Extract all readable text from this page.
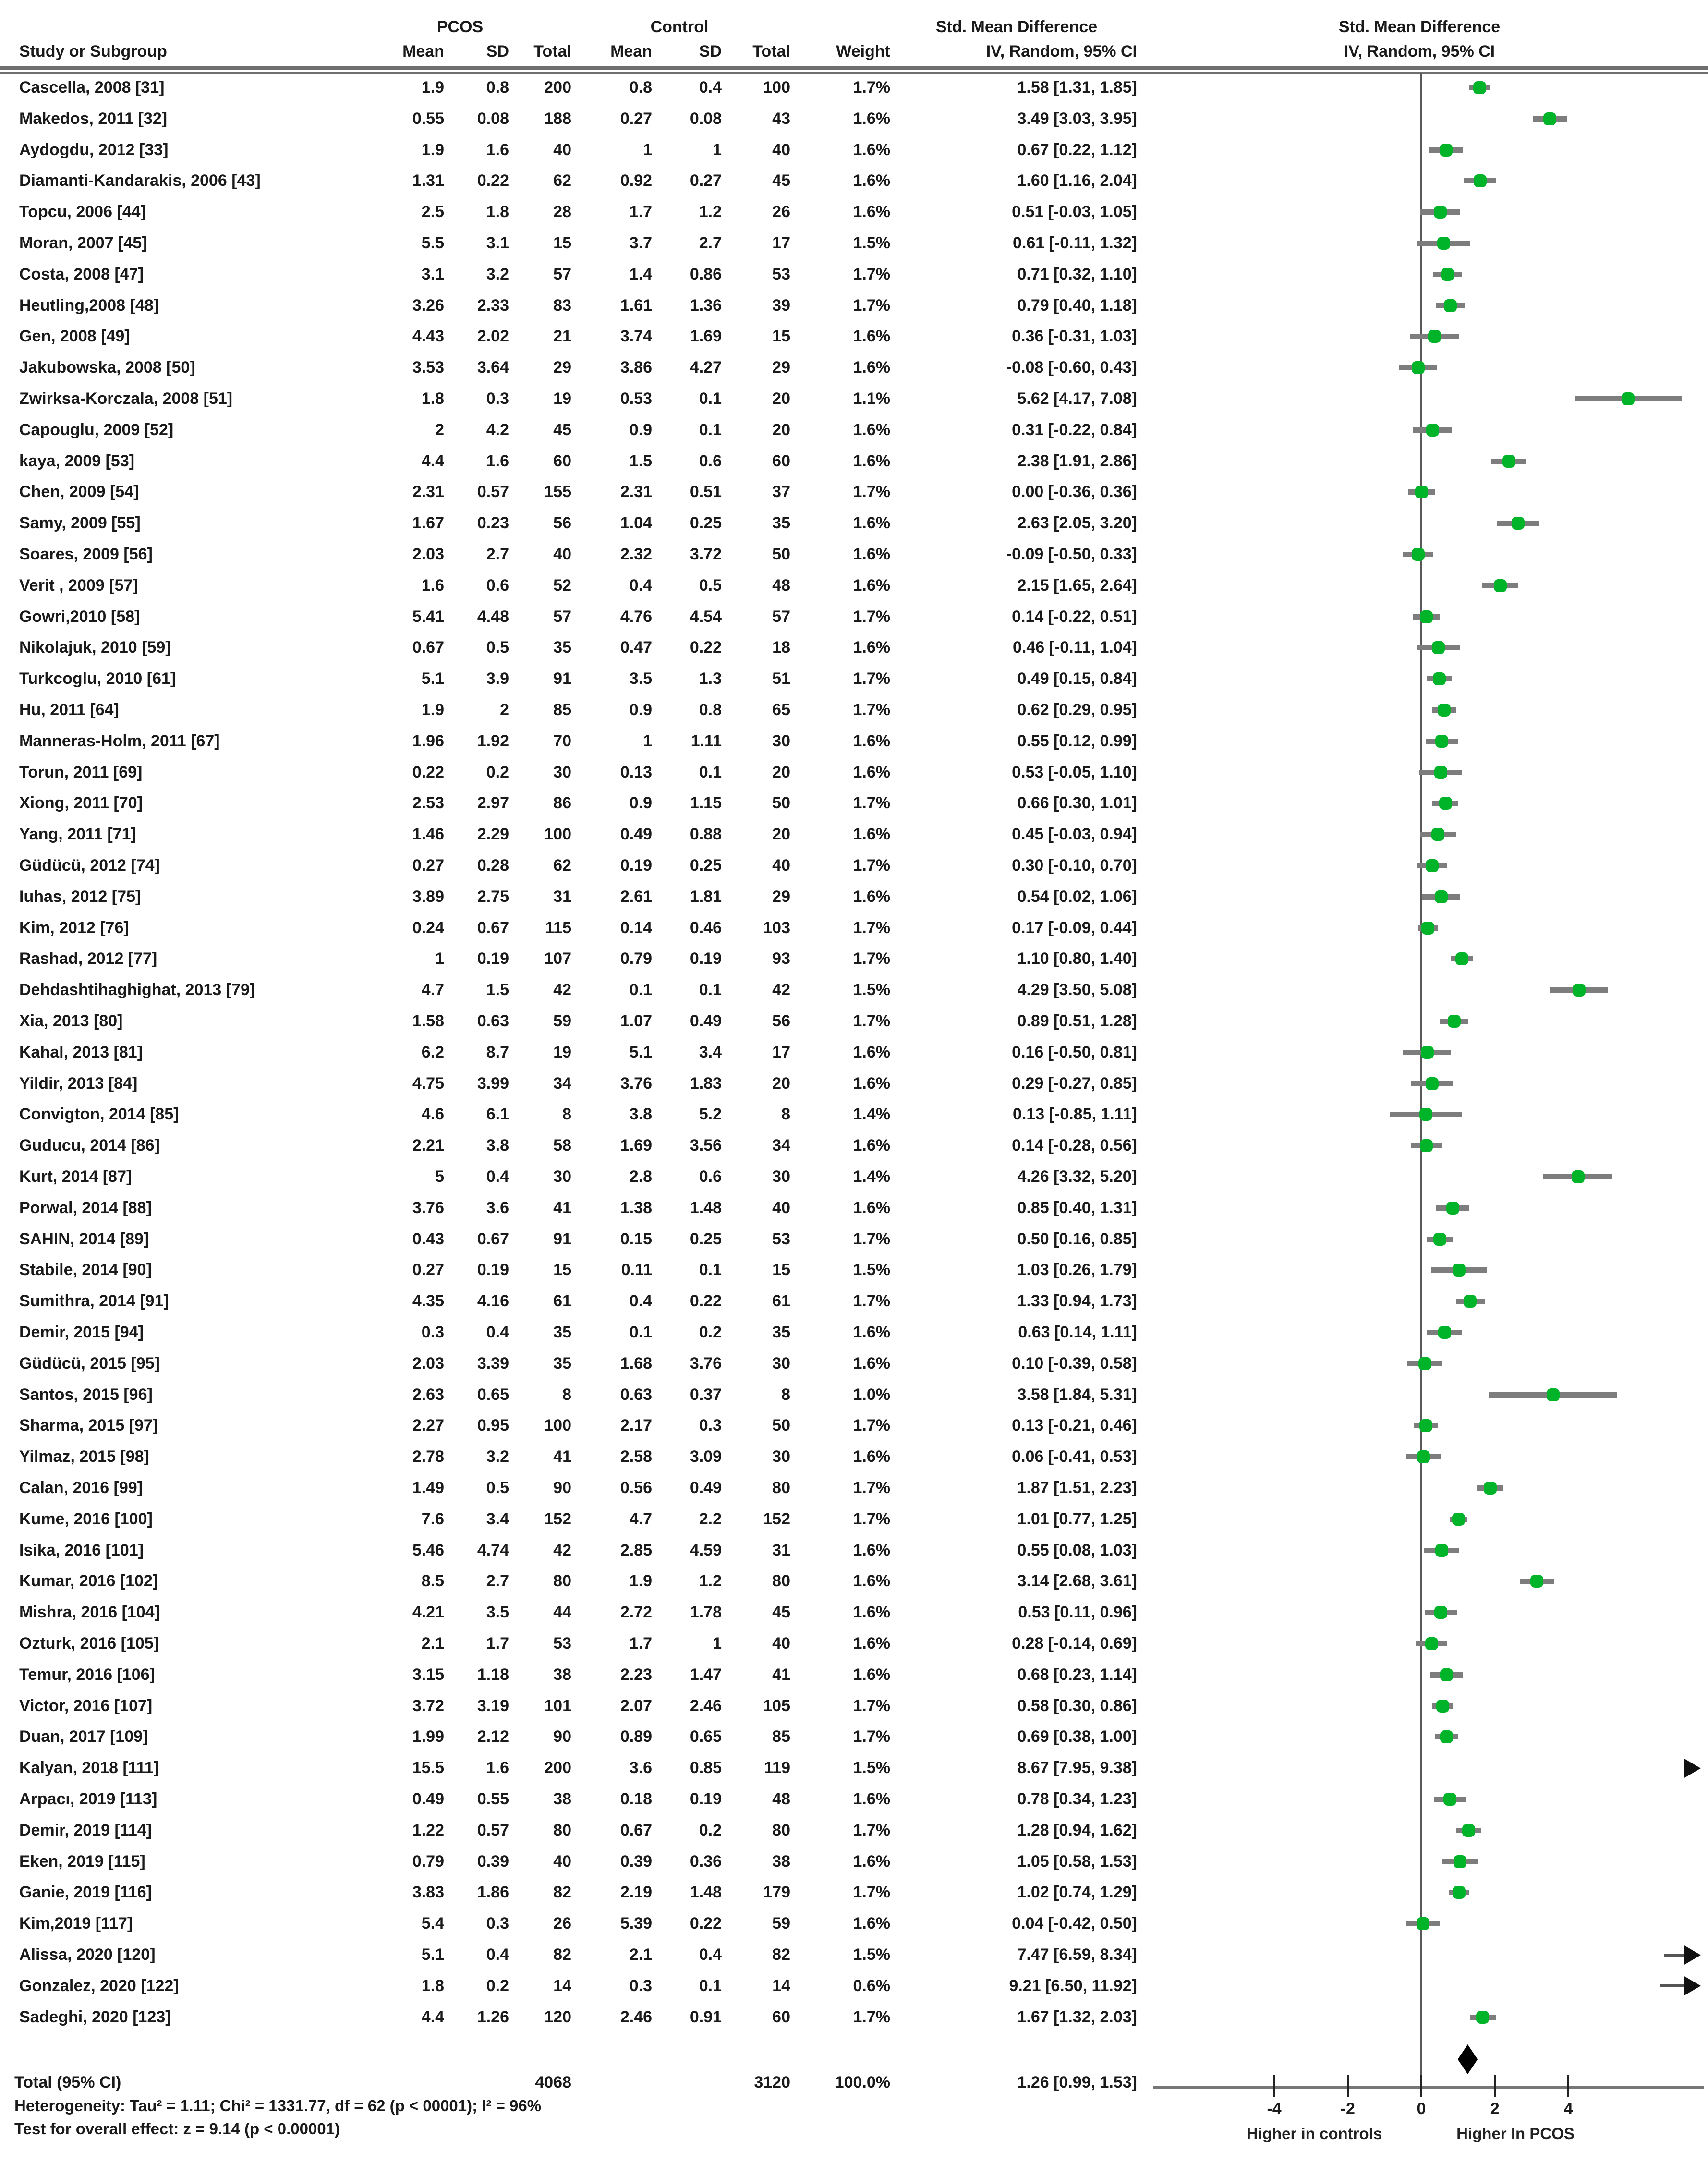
PCOS	Control	Std. Mean Difference	Std. Mean Difference
Study or Subgroup	Mean	SD	Total	Mean	SD	Total	Weight	IV, Random, 95% CI	IV, Random, 95% CI
Cascella, 2008 [31]	1.9	0.8	200	0.8	0.4	100	1.7%	1.58 [1.31, 1.85]
Makedos, 2011 [32]	0.55	0.08	188	0.27	0.08	43	1.6%	3.49 [3.03, 3.95]
Aydogdu, 2012 [33]	1.9	1.6	40	1	1	40	1.6%	0.67 [0.22, 1.12]
Diamanti-Kandarakis, 2006 [43]	1.31	0.22	62	0.92	0.27	45	1.6%	1.60 [1.16, 2.04]
Topcu, 2006 [44]	2.5	1.8	28	1.7	1.2	26	1.6%	0.51 [-0.03, 1.05]
Moran, 2007 [45]	5.5	3.1	15	3.7	2.7	17	1.5%	0.61 [-0.11, 1.32]
Costa, 2008 [47]	3.1	3.2	57	1.4	0.86	53	1.7%	0.71 [0.32, 1.10]
Heutling,2008 [48]	3.26	2.33	83	1.61	1.36	39	1.7%	0.79 [0.40, 1.18]
Gen, 2008 [49]	4.43	2.02	21	3.74	1.69	15	1.6%	0.36 [-0.31, 1.03]
Jakubowska, 2008 [50]	3.53	3.64	29	3.86	4.27	29	1.6%	-0.08 [-0.60, 0.43]
Zwirksa-Korczala, 2008 [51]	1.8	0.3	19	0.53	0.1	20	1.1%	5.62 [4.17, 7.08]
Capouglu, 2009 [52]	2	4.2	45	0.9	0.1	20	1.6%	0.31 [-0.22, 0.84]
kaya, 2009 [53]	4.4	1.6	60	1.5	0.6	60	1.6%	2.38 [1.91, 2.86]
Chen, 2009 [54]	2.31	0.57	155	2.31	0.51	37	1.7%	0.00 [-0.36, 0.36]
Samy, 2009 [55]	1.67	0.23	56	1.04	0.25	35	1.6%	2.63 [2.05, 3.20]
Soares, 2009 [56]	2.03	2.7	40	2.32	3.72	50	1.6%	-0.09 [-0.50, 0.33]
Verit , 2009 [57]	1.6	0.6	52	0.4	0.5	48	1.6%	2.15 [1.65, 2.64]
Gowri,2010 [58]	5.41	4.48	57	4.76	4.54	57	1.7%	0.14 [-0.22, 0.51]
Nikolajuk, 2010 [59]	0.67	0.5	35	0.47	0.22	18	1.6%	0.46 [-0.11, 1.04]
Turkcoglu, 2010 [61]	5.1	3.9	91	3.5	1.3	51	1.7%	0.49 [0.15, 0.84]
Hu, 2011 [64]	1.9	2	85	0.9	0.8	65	1.7%	0.62 [0.29, 0.95]
Manneras-Holm, 2011 [67]	1.96	1.92	70	1	1.11	30	1.6%	0.55 [0.12, 0.99]
Torun, 2011 [69]	0.22	0.2	30	0.13	0.1	20	1.6%	0.53 [-0.05, 1.10]
Xiong, 2011 [70]	2.53	2.97	86	0.9	1.15	50	1.7%	0.66 [0.30, 1.01]
Yang, 2011 [71]	1.46	2.29	100	0.49	0.88	20	1.6%	0.45 [-0.03, 0.94]
Güdücü, 2012 [74]	0.27	0.28	62	0.19	0.25	40	1.7%	0.30 [-0.10, 0.70]
Iuhas, 2012 [75]	3.89	2.75	31	2.61	1.81	29	1.6%	0.54 [0.02, 1.06]
Kim, 2012 [76]	0.24	0.67	115	0.14	0.46	103	1.7%	0.17 [-0.09, 0.44]
Rashad, 2012 [77]	1	0.19	107	0.79	0.19	93	1.7%	1.10 [0.80, 1.40]
Dehdashtihaghighat, 2013 [79]	4.7	1.5	42	0.1	0.1	42	1.5%	4.29 [3.50, 5.08]
Xia, 2013 [80]	1.58	0.63	59	1.07	0.49	56	1.7%	0.89 [0.51, 1.28]
Kahal, 2013 [81]	6.2	8.7	19	5.1	3.4	17	1.6%	0.16 [-0.50, 0.81]
Yildir, 2013 [84]	4.75	3.99	34	3.76	1.83	20	1.6%	0.29 [-0.27, 0.85]
Convigton, 2014 [85]	4.6	6.1	8	3.8	5.2	8	1.4%	0.13 [-0.85, 1.11]
Guducu, 2014 [86]	2.21	3.8	58	1.69	3.56	34	1.6%	0.14 [-0.28, 0.56]
Kurt, 2014 [87]	5	0.4	30	2.8	0.6	30	1.4%	4.26 [3.32, 5.20]
Porwal, 2014 [88]	3.76	3.6	41	1.38	1.48	40	1.6%	0.85 [0.40, 1.31]
SAHIN, 2014 [89]	0.43	0.67	91	0.15	0.25	53	1.7%	0.50 [0.16, 0.85]
Stabile, 2014 [90]	0.27	0.19	15	0.11	0.1	15	1.5%	1.03 [0.26, 1.79]
Sumithra, 2014 [91]	4.35	4.16	61	0.4	0.22	61	1.7%	1.33 [0.94, 1.73]
Demir, 2015 [94]	0.3	0.4	35	0.1	0.2	35	1.6%	0.63 [0.14, 1.11]
Güdücü, 2015 [95]	2.03	3.39	35	1.68	3.76	30	1.6%	0.10 [-0.39, 0.58]
Santos, 2015 [96]	2.63	0.65	8	0.63	0.37	8	1.0%	3.58 [1.84, 5.31]
Sharma, 2015 [97]	2.27	0.95	100	2.17	0.3	50	1.7%	0.13 [-0.21, 0.46]
Yilmaz, 2015 [98]	2.78	3.2	41	2.58	3.09	30	1.6%	0.06 [-0.41, 0.53]
Calan, 2016 [99]	1.49	0.5	90	0.56	0.49	80	1.7%	1.87 [1.51, 2.23]
Kume, 2016 [100]	7.6	3.4	152	4.7	2.2	152	1.7%	1.01 [0.77, 1.25]
Isika, 2016 [101]	5.46	4.74	42	2.85	4.59	31	1.6%	0.55 [0.08, 1.03]
Kumar, 2016 [102]	8.5	2.7	80	1.9	1.2	80	1.6%	3.14 [2.68, 3.61]
Mishra, 2016 [104]	4.21	3.5	44	2.72	1.78	45	1.6%	0.53 [0.11, 0.96]
Ozturk, 2016 [105]	2.1	1.7	53	1.7	1	40	1.6%	0.28 [-0.14, 0.69]
Temur, 2016 [106]	3.15	1.18	38	2.23	1.47	41	1.6%	0.68 [0.23, 1.14]
Victor, 2016 [107]	3.72	3.19	101	2.07	2.46	105	1.7%	0.58 [0.30, 0.86]
Duan, 2017 [109]	1.99	2.12	90	0.89	0.65	85	1.7%	0.69 [0.38, 1.00]
Kalyan, 2018 [111]	15.5	1.6	200	3.6	0.85	119	1.5%	8.67 [7.95, 9.38]
Arpacı, 2019 [113]	0.49	0.55	38	0.18	0.19	48	1.6%	0.78 [0.34, 1.23]
Demir, 2019 [114]	1.22	0.57	80	0.67	0.2	80	1.7%	1.28 [0.94, 1.62]
Eken, 2019 [115]	0.79	0.39	40	0.39	0.36	38	1.6%	1.05 [0.58, 1.53]
Ganie, 2019 [116]	3.83	1.86	82	2.19	1.48	179	1.7%	1.02 [0.74, 1.29]
Kim,2019 [117]	5.4	0.3	26	5.39	0.22	59	1.6%	0.04 [-0.42, 0.50]
Alissa, 2020 [120]	5.1	0.4	82	2.1	0.4	82	1.5%	7.47 [6.59, 8.34]
Gonzalez, 2020 [122]	1.8	0.2	14	0.3	0.1	14	0.6%	9.21 [6.50, 11.92]
Sadeghi, 2020 [123]	4.4	1.26	120	2.46	0.91	60	1.7%	1.67 [1.32, 2.03]
Total (95% CI)	4068	3120	100.0%	1.26 [0.99, 1.53]
-4	-2	0	2	4
Higher in controls	Higher In PCOS
Heterogeneity: Tau² = 1.11; Chi² = 1331.77, df = 62 (p < 00001); I² = 96%
Test for overall effect: z = 9.14 (p < 0.00001)
